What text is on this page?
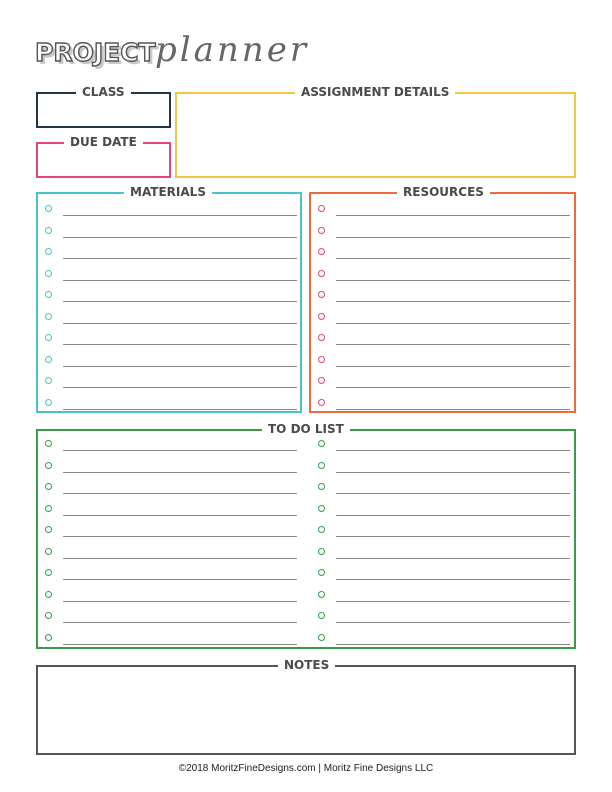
PROJECT planner
CLASS
DUE DATE
ASSIGNMENT DETAILS
MATERIALS	RESOURCES
TO DO LIST
NOTES
©2018 MoritzFineDesigns.com | Moritz Fine Designs LLC
